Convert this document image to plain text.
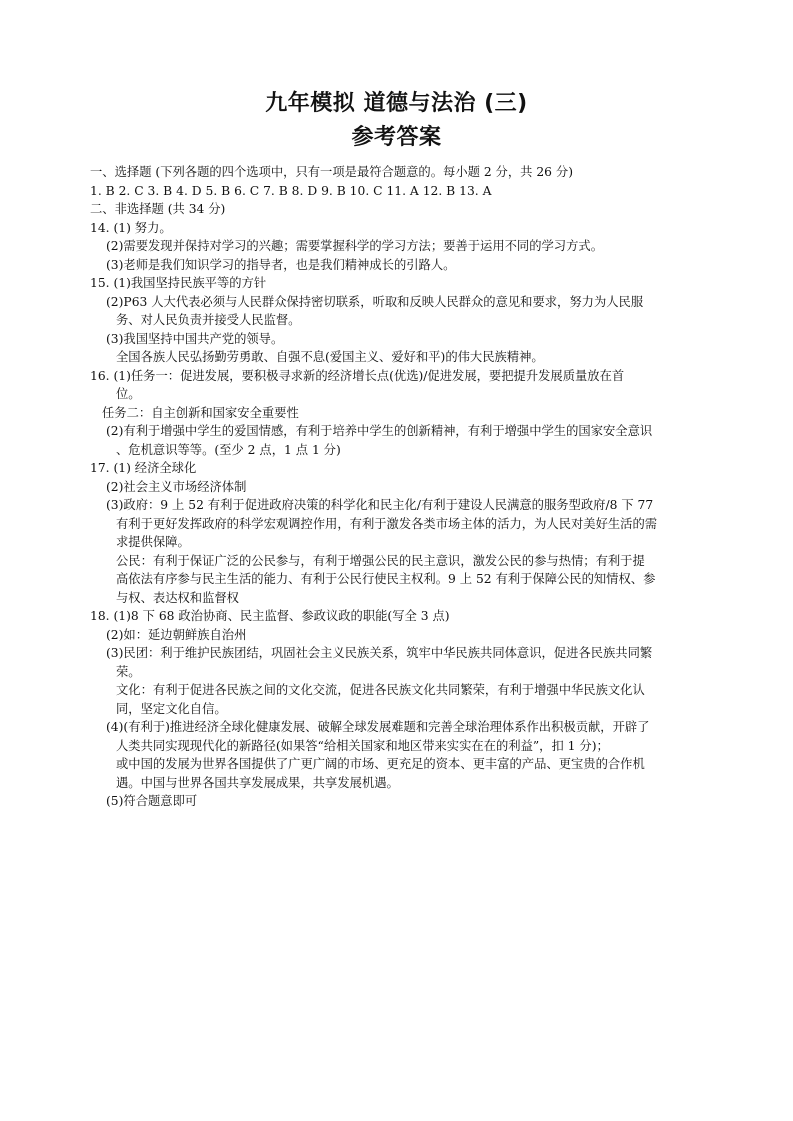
九年模拟 道德与法治 (三)
参考答案
一、选择题 (下列各题的四个选项中，只有一项是最符合题意的。每小题 2 分，共 26 分)
1. B 2. C 3. B 4. D 5. B 6. C 7. B 8. D 9. B 10. C 11. A 12. B 13. A
二、非选择题 (共 34 分)
14. (1) 努力。
(2)需要发现并保持对学习的兴趣；需要掌握科学的学习方法；要善于运用不同的学习方式。
(3)老师是我们知识学习的指导者，也是我们精神成长的引路人。
15. (1)我国坚持民族平等的方针
(2)P63 人大代表必须与人民群众保持密切联系，听取和反映人民群众的意见和要求，努力为人民服
务、对人民负责并接受人民监督。
(3)我国坚持中国共产党的领导。
全国各族人民弘扬勤劳勇敢、自强不息(爱国主义、爱好和平)的伟大民族精神。
16. (1)任务一：促进发展，要积极寻求新的经济增长点(优选)/促进发展，要把提升发展质量放在首
位。
任务二：自主创新和国家安全重要性
(2)有利于增强中学生的爱国情感，有利于培养中学生的创新精神，有利于增强中学生的国家安全意识
、危机意识等等。(至少 2 点，1 点 1 分)
17. (1) 经济全球化
(2)社会主义市场经济体制
(3)政府：9 上 52 有利于促进政府决策的科学化和民主化/有利于建设人民满意的服务型政府/8 下 77
有利于更好发挥政府的科学宏观调控作用，有利于激发各类市场主体的活力，为人民对美好生活的需
求提供保障。
公民：有利于保证广泛的公民参与，有利于增强公民的民主意识，激发公民的参与热情；有利于提
高依法有序参与民主生活的能力、有利于公民行使民主权利。9 上 52 有利于保障公民的知情权、参
与权、表达权和监督权
18. (1)8 下 68 政治协商、民主监督、参政议政的职能(写全 3 点)
(2)如：延边朝鲜族自治州
(3)民团：利于维护民族团结，巩固社会主义民族关系，筑牢中华民族共同体意识，促进各民族共同繁
荣。
文化：有利于促进各民族之间的文化交流，促进各民族文化共同繁荣，有利于增强中华民族文化认
同，坚定文化自信。
(4)(有利于)推进经济全球化健康发展、破解全球发展难题和完善全球治理体系作出积极贡献，开辟了
人类共同实现现代化的新路径(如果答“给相关国家和地区带来实实在在的利益”，扣 1 分)；
或中国的发展为世界各国提供了广更广阔的市场、更充足的资本、更丰富的产品、更宝贵的合作机
遇。中国与世界各国共享发展成果，共享发展机遇。
(5)符合题意即可
